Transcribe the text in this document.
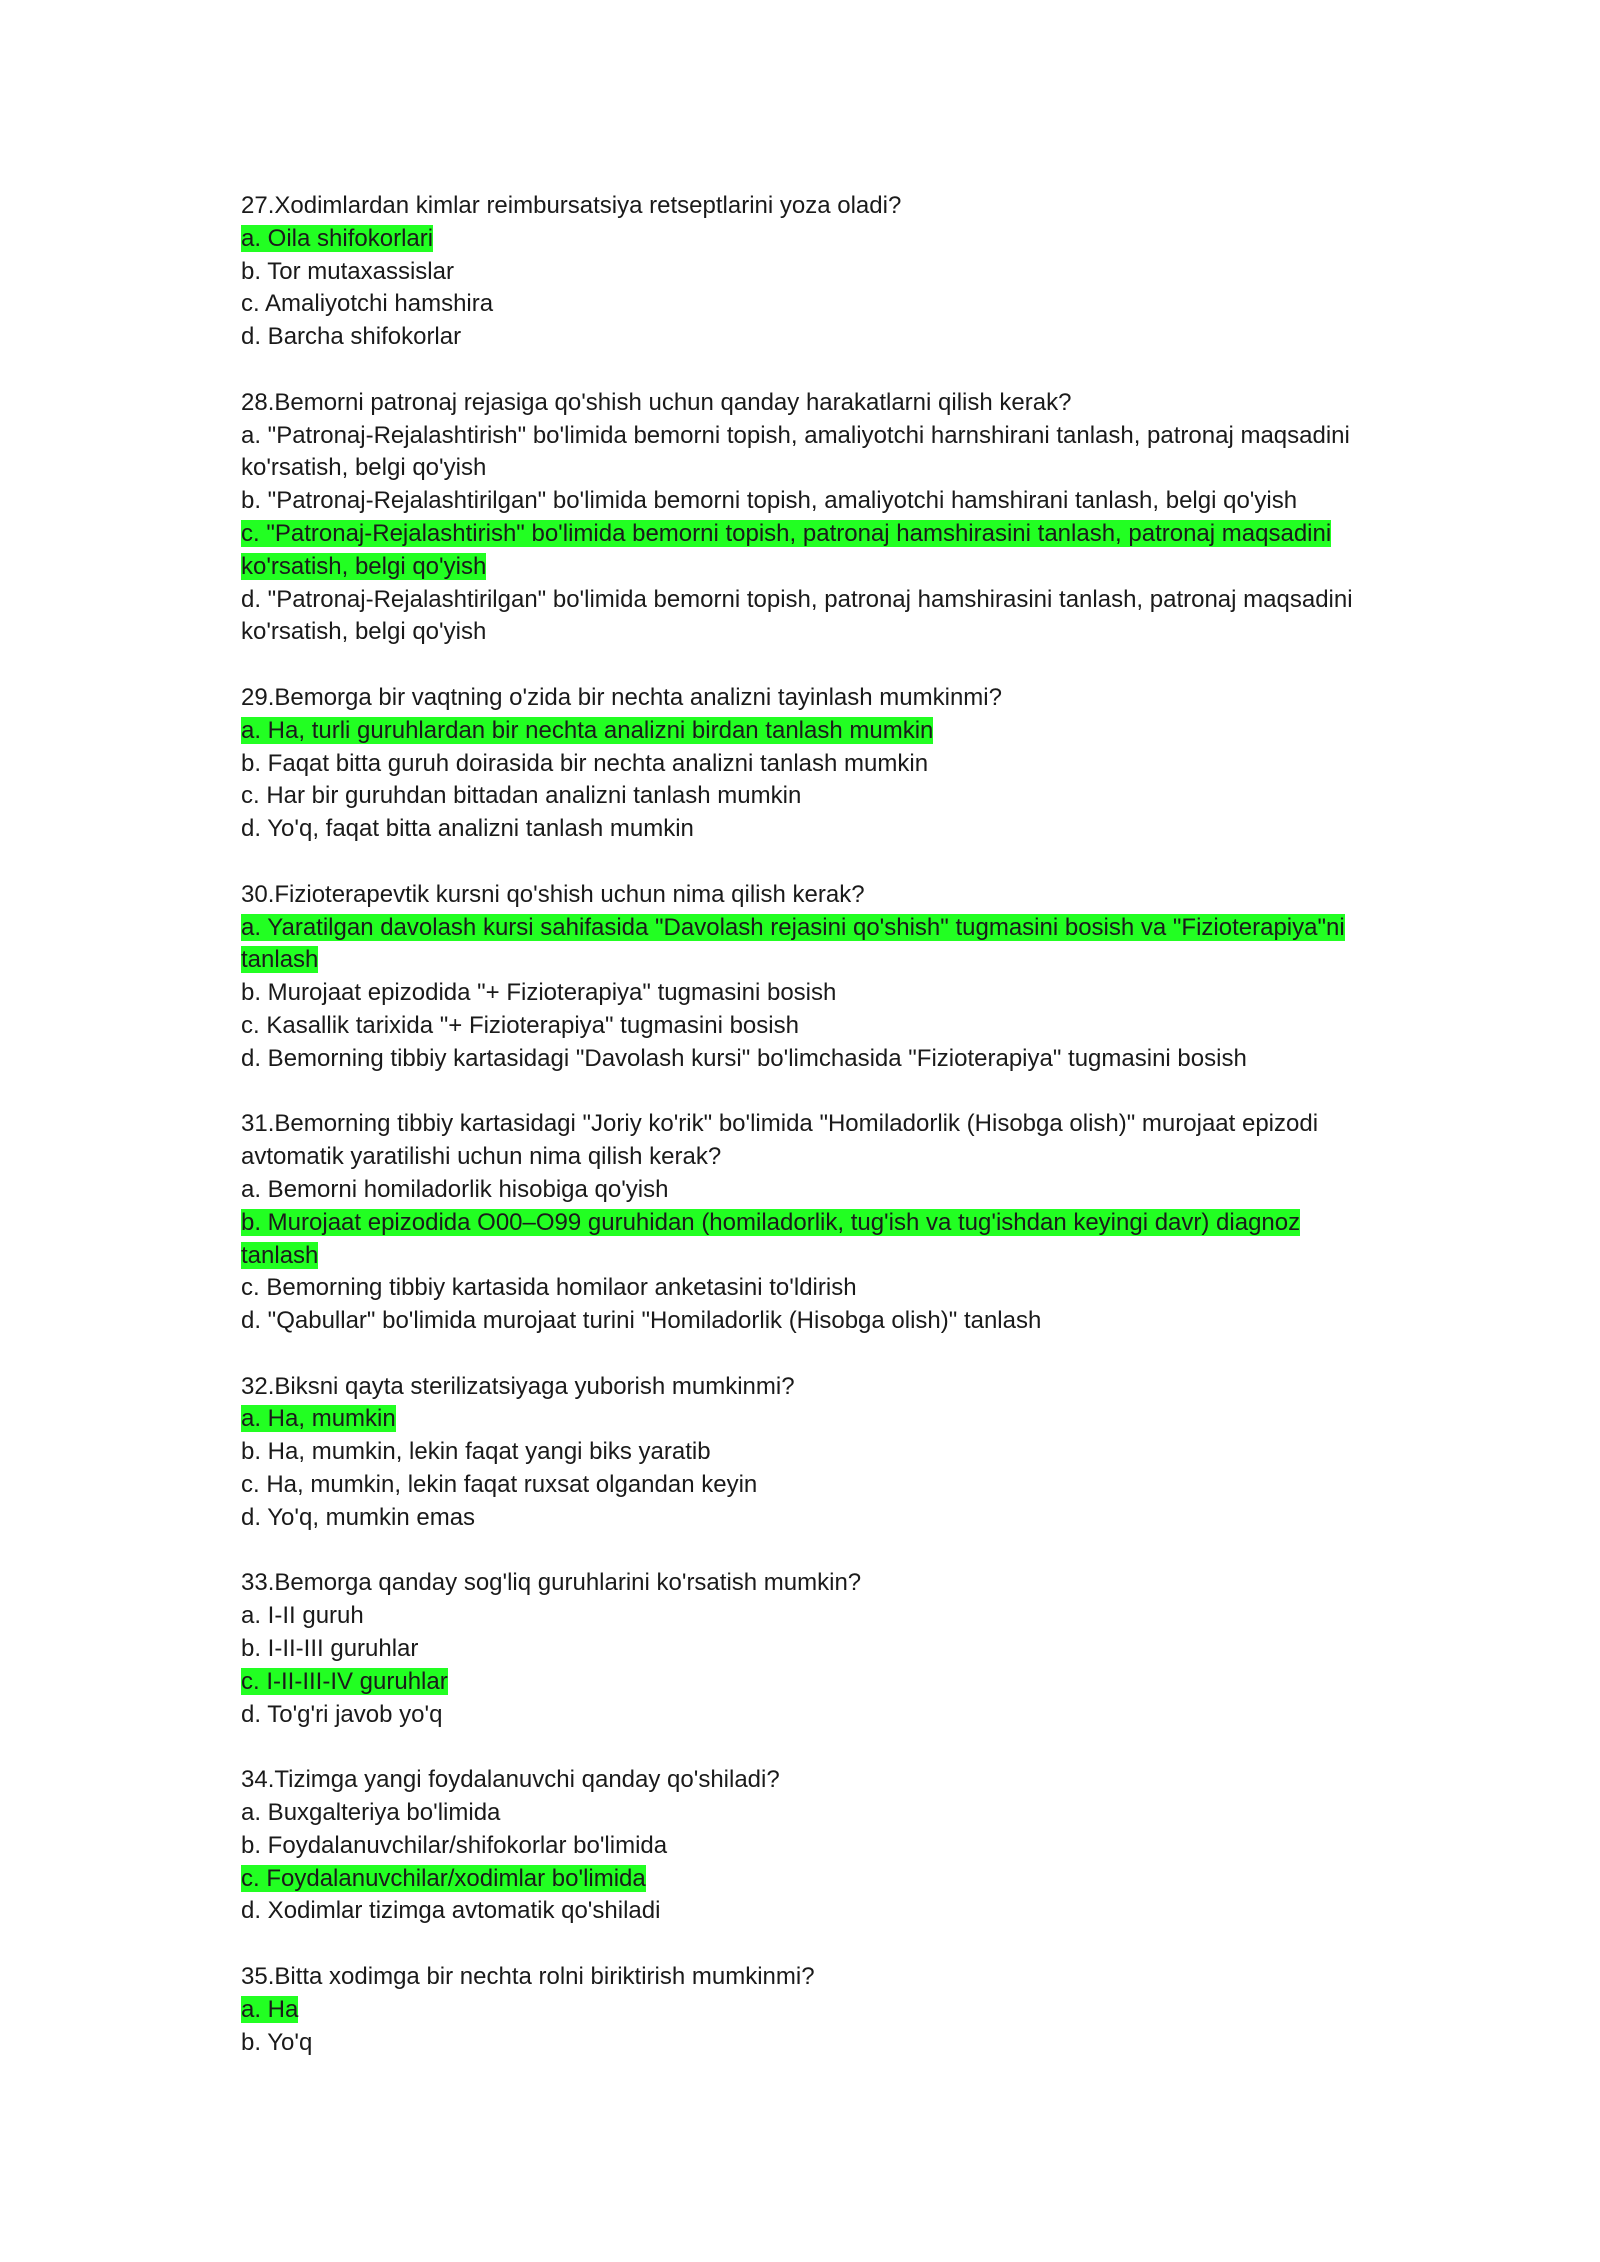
27.Xodimlardan kimlar reimbursatsiya retseptlarini yoza oladi?

a. Oila shifokorlari

b. Tor mutaxassislar

c. Amaliyotchi hamshira

d. Barcha shifokorlar

28.Bemorni patronaj rejasiga qo'shish uchun qanday harakatlarni qilish kerak?

a. "Patronaj-Rejalashtirish" bo'limida bemorni topish, amaliyotchi harnshirani tanlash, patronaj maqsadini ko'rsatish, belgi qo'yish

b. "Patronaj-Rejalashtirilgan" bo'limida bemorni topish, amaliyotchi hamshirani tanlash, belgi qo'yish

c. "Patronaj-Rejalashtirish" bo'limida bemorni topish, patronaj hamshirasini tanlash, patronaj maqsadini ko'rsatish, belgi qo'yish

d. "Patronaj-Rejalashtirilgan" bo'limida bemorni topish, patronaj hamshirasini tanlash, patronaj maqsadini ko'rsatish, belgi qo'yish

29.Bemorga bir vaqtning o'zida bir nechta analizni tayinlash mumkinmi?

a. Ha, turli guruhlardan bir nechta analizni birdan tanlash mumkin

b. Faqat bitta guruh doirasida bir nechta analizni tanlash mumkin

c. Har bir guruhdan bittadan analizni tanlash mumkin

d. Yo'q, faqat bitta analizni tanlash mumkin

30.Fizioterapevtik kursni qo'shish uchun nima qilish kerak?

a. Yaratilgan davolash kursi sahifasida "Davolash rejasini qo'shish" tugmasini bosish va "Fizioterapiya"ni tanlash

b. Murojaat epizodida "+ Fizioterapiya" tugmasini bosish

c. Kasallik tarixida "+ Fizioterapiya" tugmasini bosish

d. Bemorning tibbiy kartasidagi "Davolash kursi" bo'limchasida "Fizioterapiya" tugmasini bosish

31.Bemorning tibbiy kartasidagi "Joriy ko'rik" bo'limida "Homiladorlik (Hisobga olish)" murojaat epizodi avtomatik yaratilishi uchun nima qilish kerak?

a. Bemorni homiladorlik hisobiga qo'yish

b. Murojaat epizodida O00–O99 guruhidan (homiladorlik, tug'ish va tug'ishdan keyingi davr) diagnoz tanlash

c. Bemorning tibbiy kartasida homilaor anketasini to'ldirish

d. "Qabullar" bo'limida murojaat turini "Homiladorlik (Hisobga olish)" tanlash

32.Biksni qayta sterilizatsiyaga yuborish mumkinmi?

a. Ha, mumkin

b. Ha, mumkin, lekin faqat yangi biks yaratib

c. Ha, mumkin, lekin faqat ruxsat olgandan keyin

d. Yo'q, mumkin emas

33.Bemorga qanday sog'liq guruhlarini ko'rsatish mumkin?

a. I-II guruh

b. I-II-III guruhlar

c. I-II-III-IV guruhlar

d. To'g'ri javob yo'q

34.Tizimga yangi foydalanuvchi qanday qo'shiladi?

a. Buxgalteriya bo'limida

b. Foydalanuvchilar/shifokorlar bo'limida

c. Foydalanuvchilar/xodimlar bo'limida

d. Xodimlar tizimga avtomatik qo'shiladi

35.Bitta xodimga bir nechta rolni biriktirish mumkinmi?

a. Ha

b. Yo'q
